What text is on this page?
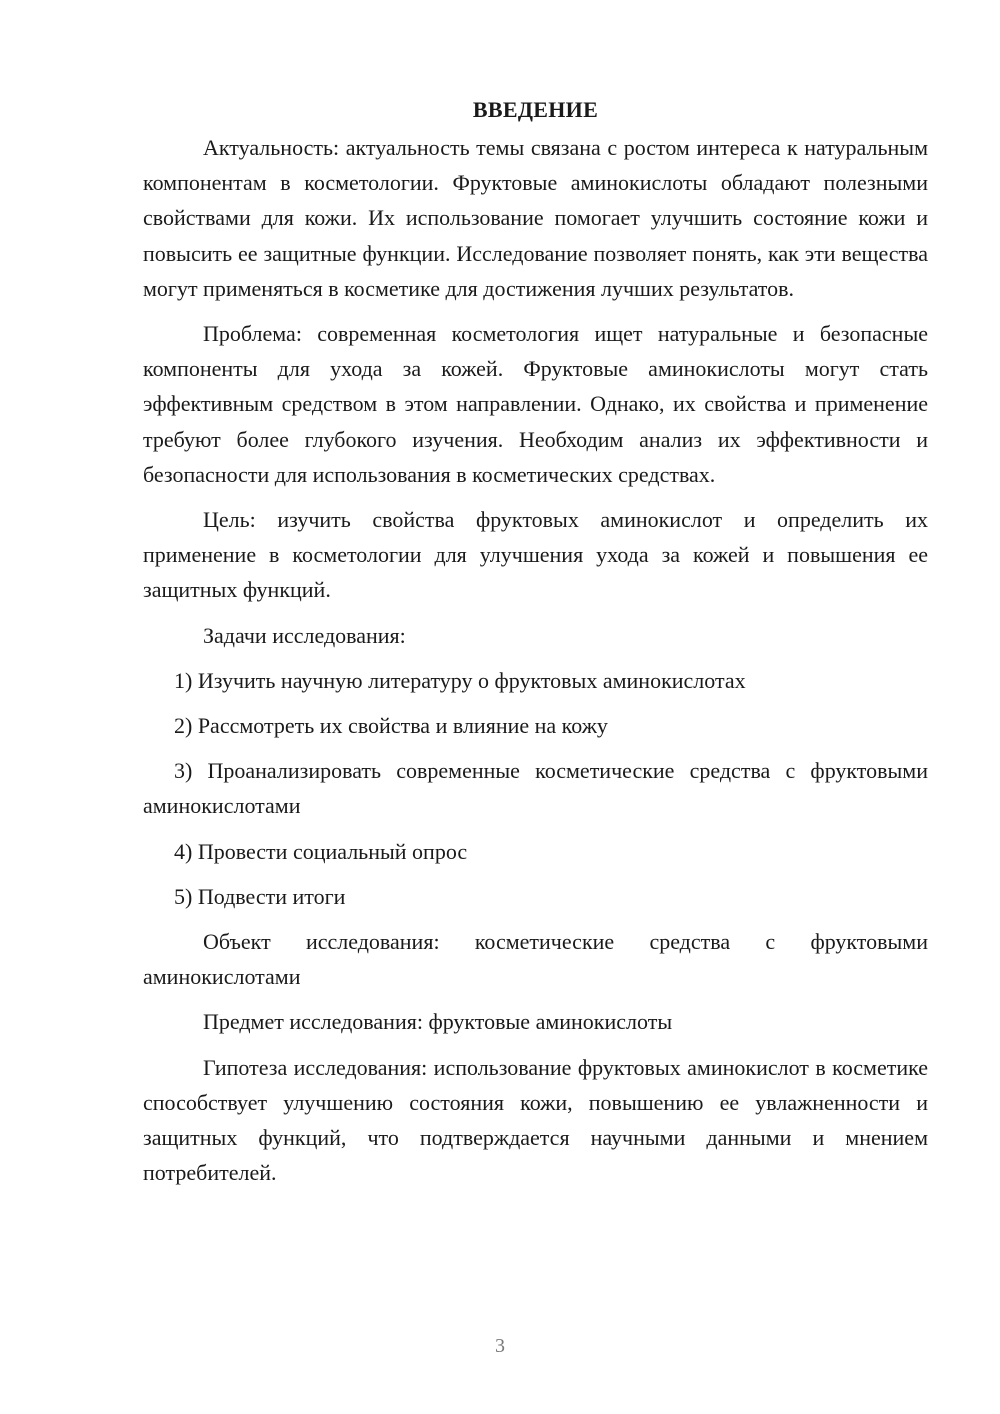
ВВЕДЕНИЕ

Актуальность: актуальность темы связана с ростом интереса к натуральным компонентам в косметологии. Фруктовые аминокислоты обладают полезными свойствами для кожи. Их использование помогает улучшить состояние кожи и повысить ее защитные функции. Исследование позволяет понять, как эти вещества могут применяться в косметике для достижения лучших результатов.

Проблема: современная косметология ищет натуральные и безопасные компоненты для ухода за кожей. Фруктовые аминокислоты могут стать эффективным средством в этом направлении. Однако, их свойства и применение требуют более глубокого изучения. Необходим анализ их эффективности и безопасности для использования в косметических средствах.

Цель: изучить свойства фруктовых аминокислот и определить их применение в косметологии для улучшения ухода за кожей и повышения ее защитных функций.

Задачи исследования:

1) Изучить научную литературу о фруктовых аминокислотах

2) Рассмотреть их свойства и влияние на кожу

3) Проанализировать современные косметические средства с фруктовыми аминокислотами

4) Провести социальный опрос

5) Подвести итоги

Объект исследования: косметические средства с фруктовыми аминокислотами

Предмет исследования: фруктовые аминокислоты

Гипотеза исследования: использование фруктовых аминокислот в косметике способствует улучшению состояния кожи, повышению ее увлажненности и защитных функций, что подтверждается научными данными и мнением потребителей.

3
